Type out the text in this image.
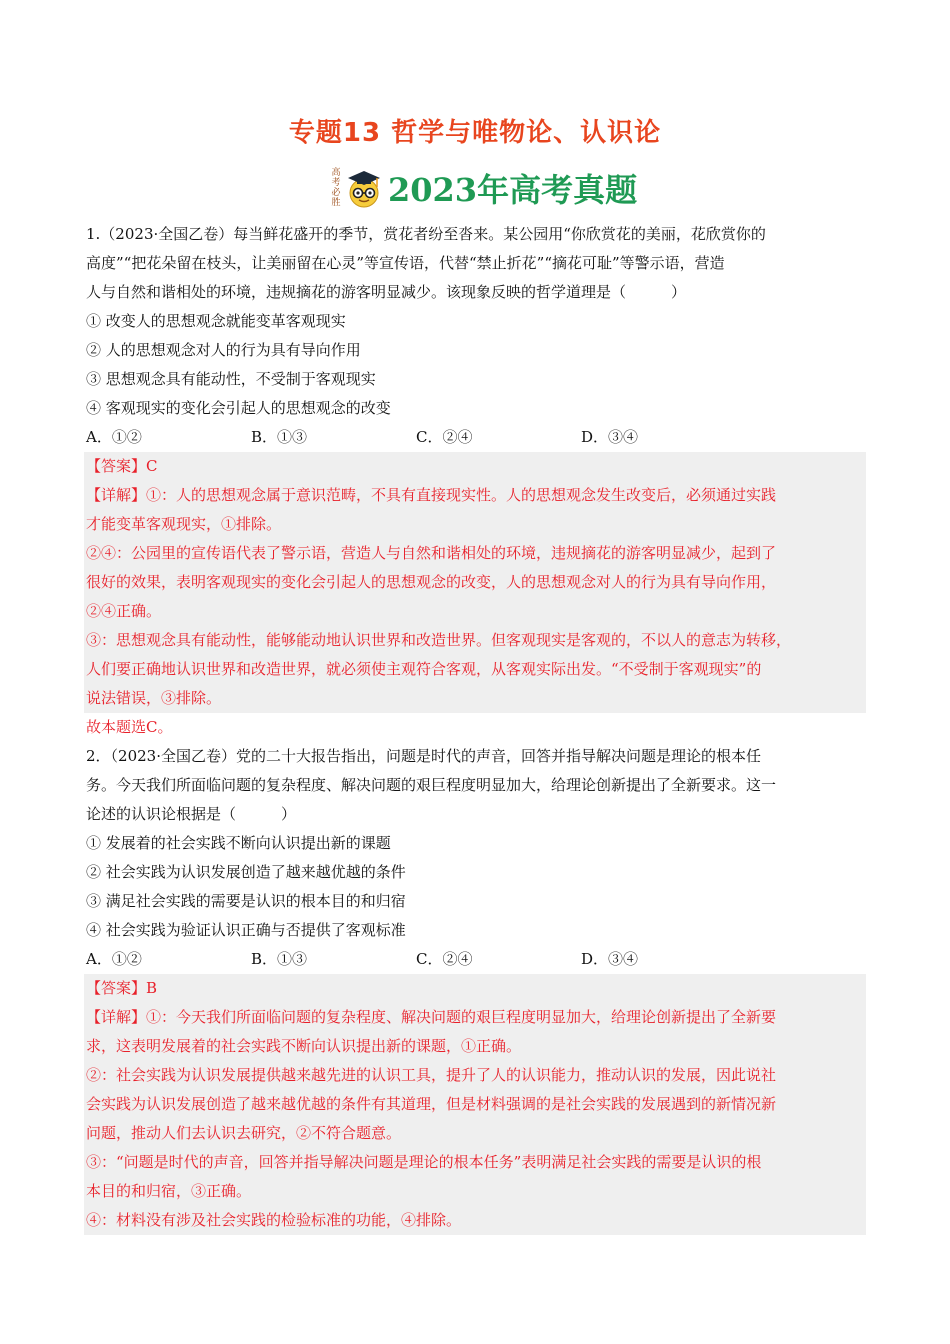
专题13 哲学与唯物论、认识论
高
考
必
胜 2023年高考真题

1.（2023·全国乙卷）每当鲜花盛开的季节，赏花者纷至沓来。某公园用“你欣赏花的美丽，花欣赏你的

高度”“把花朵留在枝头，让美丽留在心灵”等宣传语，代替“禁止折花”“摘花可耻”等警示语，营造

人与自然和谐相处的环境，违规摘花的游客明显减少。该现象反映的哲学道理是（　　　）

① 改变人的思想观念就能变革客观现实

② 人的思想观念对人的行为具有导向作用

③ 思想观念具有能动性，不受制于客观现实

④ 客观现实的变化会引起人的思想观念的改变

A．①②	B．①③	C．②④	D．③④

【答案】C

【详解】①：人的思想观念属于意识范畴，不具有直接现实性。人的思想观念发生改变后，必须通过实践

才能变革客观现实，①排除。

②④：公园里的宣传语代表了警示语，营造人与自然和谐相处的环境，违规摘花的游客明显减少，起到了

很好的效果，表明客观现实的变化会引起人的思想观念的改变，人的思想观念对人的行为具有导向作用，

②④正确。

③：思想观念具有能动性，能够能动地认识世界和改造世界。但客观现实是客观的，不以人的意志为转移，

人们要正确地认识世界和改造世界，就必须使主观符合客观，从客观实际出发。“不受制于客观现实”的

说法错误，③排除。

故本题选C。

2．（2023·全国乙卷）党的二十大报告指出，问题是时代的声音，回答并指导解决问题是理论的根本任

务。今天我们所面临问题的复杂程度、解决问题的艰巨程度明显加大，给理论创新提出了全新要求。这一

论述的认识论根据是（　　　）

① 发展着的社会实践不断向认识提出新的课题

② 社会实践为认识发展创造了越来越优越的条件

③ 满足社会实践的需要是认识的根本目的和归宿

④ 社会实践为验证认识正确与否提供了客观标准

A．①②	B．①③	C．②④	D．③④

【答案】B

【详解】①：今天我们所面临问题的复杂程度、解决问题的艰巨程度明显加大，给理论创新提出了全新要

求，这表明发展着的社会实践不断向认识提出新的课题，①正确。

②：社会实践为认识发展提供越来越先进的认识工具，提升了人的认识能力，推动认识的发展，因此说社

会实践为认识发展创造了越来越优越的条件有其道理，但是材料强调的是社会实践的发展遇到的新情况新

问题，推动人们去认识去研究，②不符合题意。

③：“问题是时代的声音，回答并指导解决问题是理论的根本任务”表明满足社会实践的需要是认识的根

本目的和归宿，③正确。

④：材料没有涉及社会实践的检验标准的功能，④排除。
